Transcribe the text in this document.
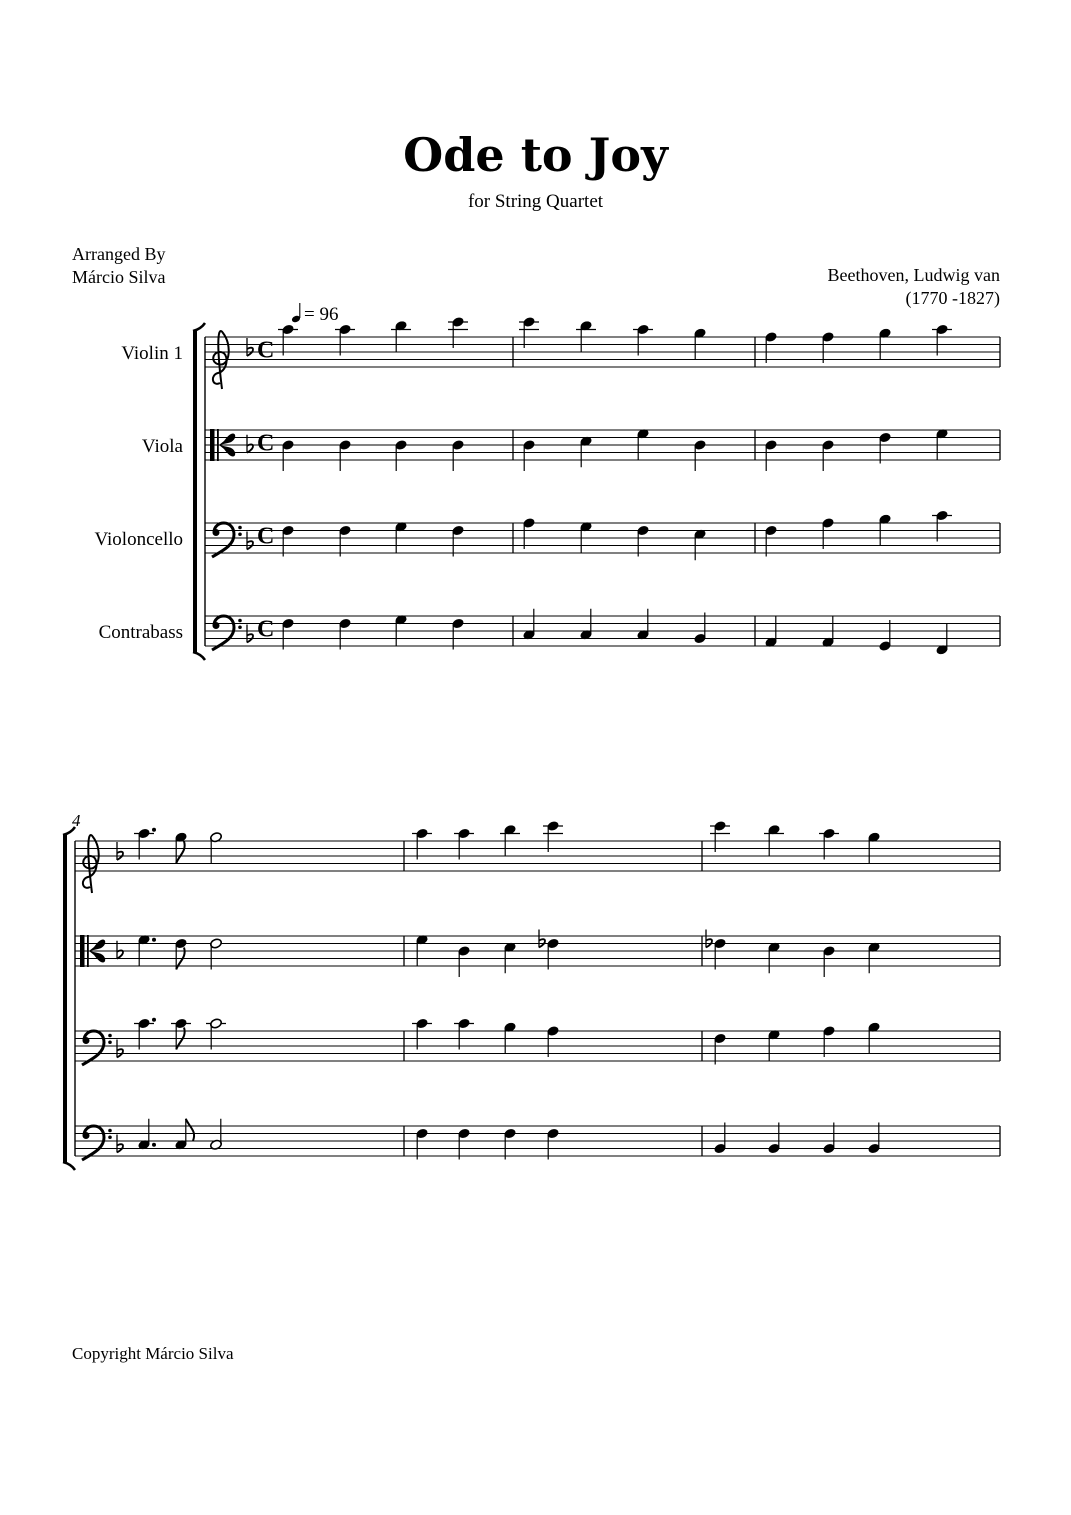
Ode to Joy
for String Quartet
Arranged By
Márcio Silva	Beethoven, Ludwig van
(1770 -1827)
C
Violin 1
C
Viola
C
Violoncello
C
Contrabass
= 96
4
Copyright Márcio Silva
